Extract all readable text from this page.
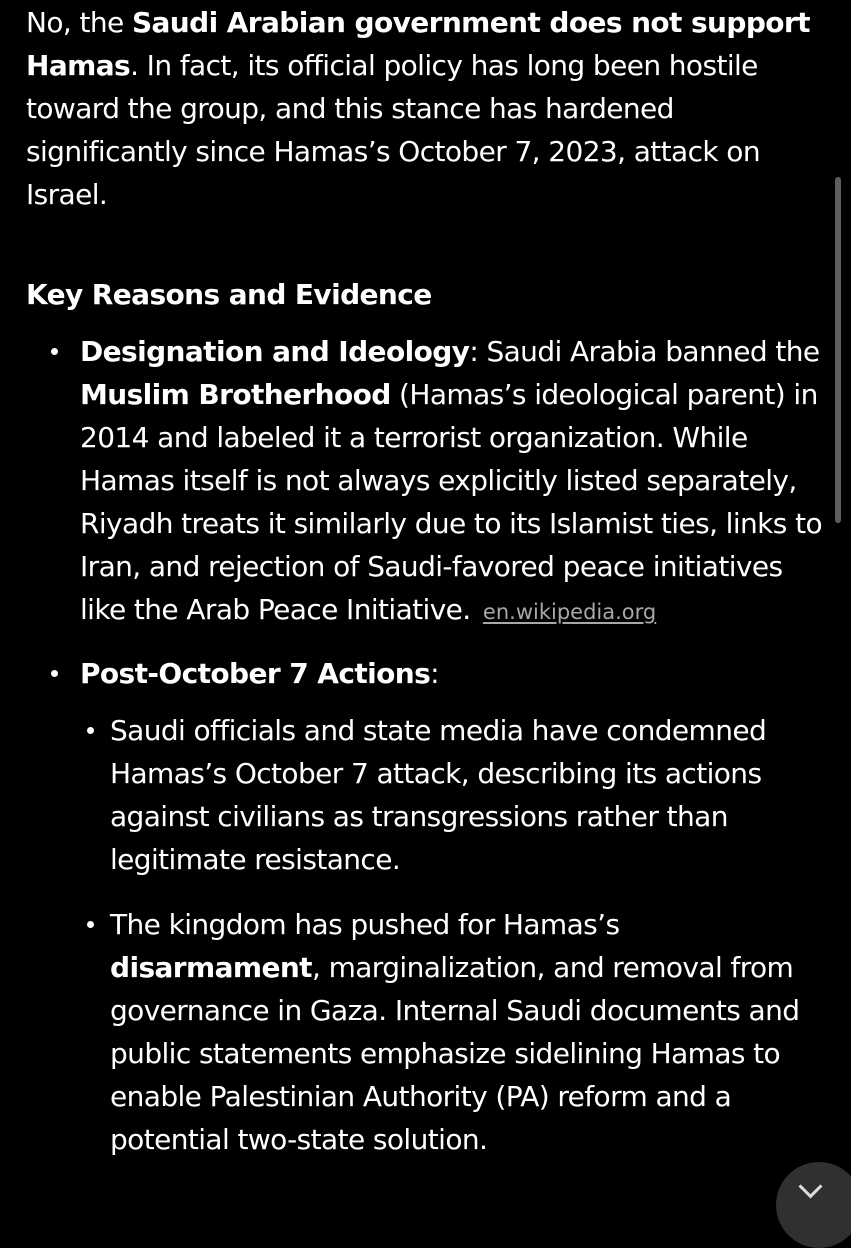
No, the Saudi Arabian government does not support Hamas. In fact, its official policy has long been hostile toward the group, and this stance has hardened significantly since Hamas’s October 7, 2023, attack on Israel.

Key Reasons and Evidence
Designation and Ideology: Saudi Arabia banned the Muslim Brotherhood (Hamas’s ideological parent) in 2014 and labeled it a terrorist organization. While Hamas itself is not always explicitly listed separately, Riyadh treats it similarly due to its Islamist ties, links to Iran, and rejection of Saudi-favored peace initiatives like the Arab Peace Initiative. en.wikipedia.org
Post-October 7 Actions:
Saudi officials and state media have condemned Hamas’s October 7 attack, describing its actions against civilians as transgressions rather than legitimate resistance.
The kingdom has pushed for Hamas’s disarmament, marginalization, and removal from governance in Gaza. Internal Saudi documents and public statements emphasize sidelining Hamas to enable Palestinian Authority (PA) reform and a potential two-state solution.
